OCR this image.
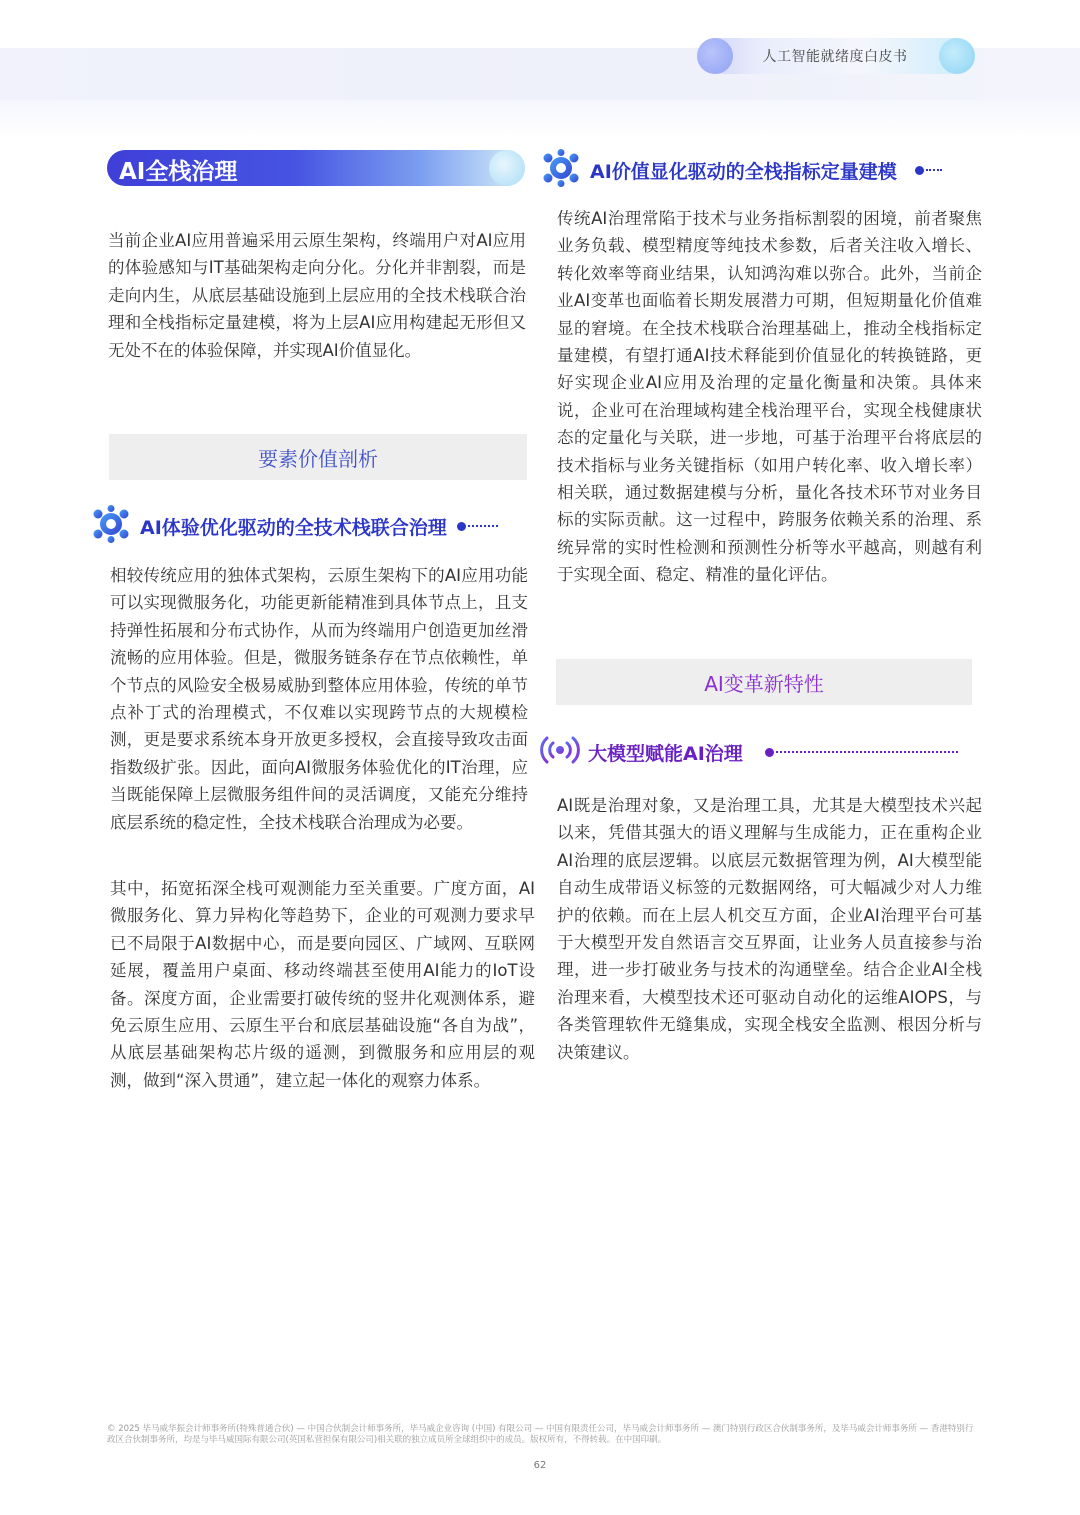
人工智能就绪度白皮书
AI全栈治理

当前企业AI应用普遍采用云原生架构，终端用户对AI应用的体验感知与IT基础架构走向分化。分化并非割裂，而是走向内生，从底层基础设施到上层应用的全技术栈联合治理和全栈指标定量建模，将为上层AI应用构建起无形但又无处不在的体验保障，并实现AI价值显化。

要素价值剖析
AI体验优化驱动的全技术栈联合治理

相较传统应用的独体式架构，云原生架构下的AI应用功能可以实现微服务化，功能更新能精准到具体节点上，且支持弹性拓展和分布式协作，从而为终端用户创造更加丝滑流畅的应用体验。但是，微服务链条存在节点依赖性，单个节点的风险安全极易威胁到整体应用体验，传统的单节点补丁式的治理模式，不仅难以实现跨节点的大规模检测，更是要求系统本身开放更多授权，会直接导致攻击面指数级扩张。因此，面向AI微服务体验优化的IT治理，应当既能保障上层微服务组件间的灵活调度，又能充分维持底层系统的稳定性，全技术栈联合治理成为必要。

其中，拓宽拓深全栈可观测能力至关重要。广度方面，AI微服务化、算力异构化等趋势下，企业的可观测力要求早已不局限于AI数据中心，而是要向园区、广域网、互联网延展，覆盖用户桌面、移动终端甚至使用AI能力的IoT设备。深度方面，企业需要打破传统的竖井化观测体系，避免云原生应用、云原生平台和底层基础设施“各自为战”，从底层基础架构芯片级的遥测，到微服务和应用层的观测，做到“深入贯通”，建立起一体化的观察力体系。

AI价值显化驱动的全栈指标定量建模

传统AI治理常陷于技术与业务指标割裂的困境，前者聚焦业务负载、模型精度等纯技术参数，后者关注收入增长、转化效率等商业结果，认知鸿沟难以弥合。此外，当前企业AI变革也面临着长期发展潜力可期，但短期量化价值难显的窘境。在全技术栈联合治理基础上，推动全栈指标定量建模，有望打通AI技术释能到价值显化的转换链路，更好实现企业AI应用及治理的定量化衡量和决策。具体来说，企业可在治理域构建全栈治理平台，实现全栈健康状态的定量化与关联，进一步地，可基于治理平台将底层的技术指标与业务关键指标（如用户转化率、收入增长率）相关联，通过数据建模与分析，量化各技术环节对业务目标的实际贡献。这一过程中，跨服务依赖关系的治理、系统异常的实时性检测和预测性分析等水平越高，则越有利于实现全面、稳定、精准的量化评估。

AI变革新特性
大模型赋能AI治理

AI既是治理对象，又是治理工具，尤其是大模型技术兴起以来，凭借其强大的语义理解与生成能力，正在重构企业AI治理的底层逻辑。以底层元数据管理为例，AI大模型能自动生成带语义标签的元数据网络，可大幅减少对人力维护的依赖。而在上层人机交互方面，企业AI治理平台可基于大模型开发自然语言交互界面，让业务人员直接参与治理，进一步打破业务与技术的沟通壁垒。结合企业AI全栈治理来看，大模型技术还可驱动自动化的运维AIOPS，与各类管理软件无缝集成，实现全栈安全监测、根因分析与决策建议。

© 2025 毕马威华振会计师事务所(特殊普通合伙) — 中国合伙制会计师事务所，毕马威企业咨询 (中国) 有限公司 — 中国有限责任公司，毕马威会计师事务所 — 澳门特别行政区合伙制事务所，及毕马威会计师事务所 — 香港特别行政区合伙制事务所，均是与毕马威国际有限公司(英国私营担保有限公司)相关联的独立成员所全球组织中的成员。版权所有，不得转载。在中国印刷。
62
